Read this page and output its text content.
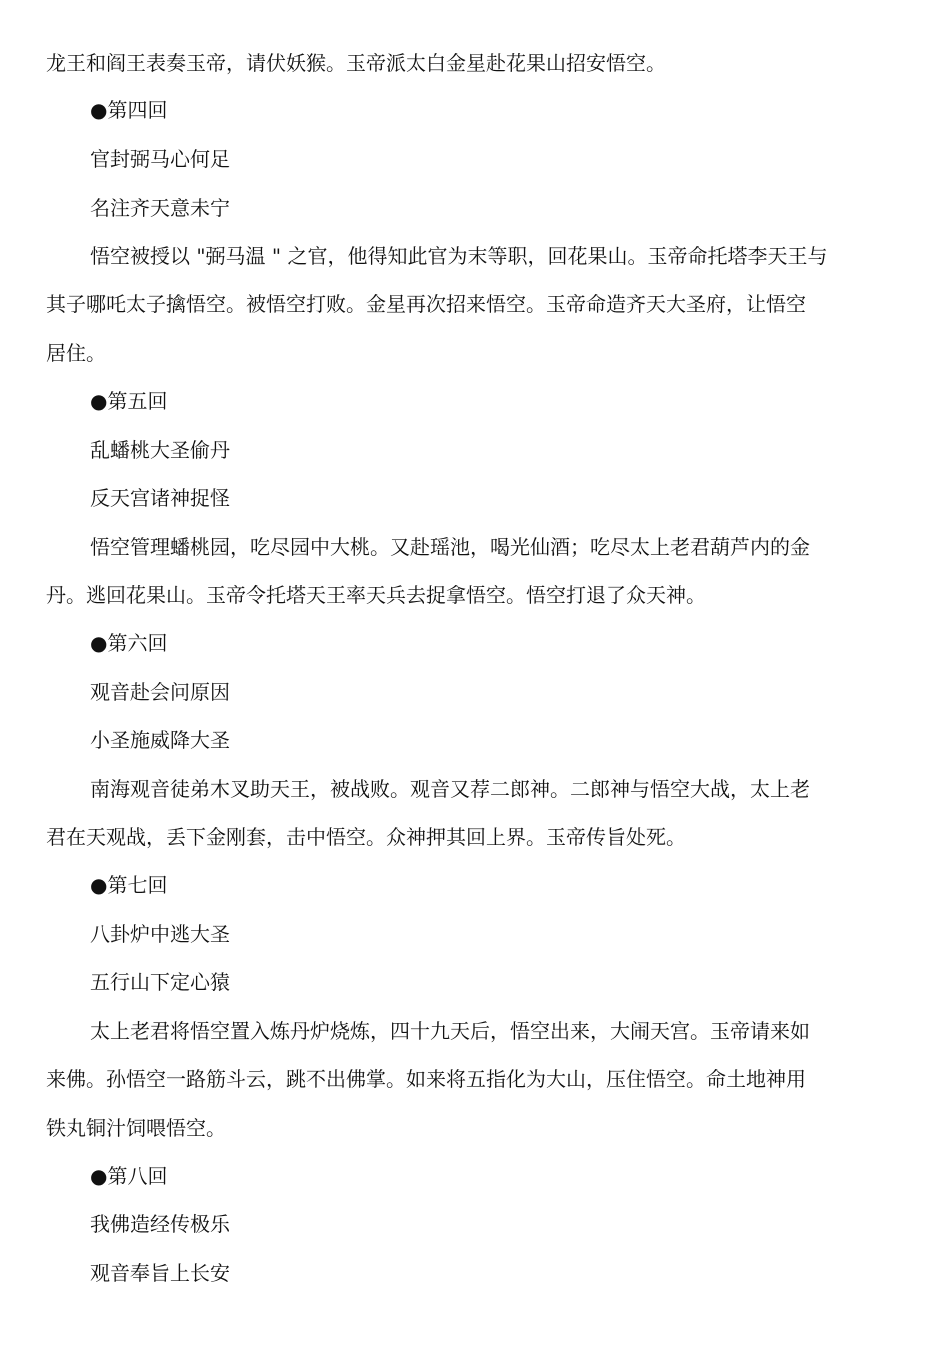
龙王和阎王表奏玉帝，请伏妖猴。玉帝派太白金星赴花果山招安悟空。
●第四回
官封弼马心何足
名注齐天意未宁
悟空被授以 "弼马温 " 之官，他得知此官为末等职，回花果山。玉帝命托塔李天王与
其子哪吒太子擒悟空。被悟空打败。金星再次招来悟空。玉帝命造齐天大圣府，让悟空
居住。
●第五回
乱蟠桃大圣偷丹
反天宫诸神捉怪
悟空管理蟠桃园，吃尽园中大桃。又赴瑶池，喝光仙酒；吃尽太上老君葫芦内的金
丹。逃回花果山。玉帝令托塔天王率天兵去捉拿悟空。悟空打退了众天神。
●第六回
观音赴会问原因
小圣施威降大圣
南海观音徒弟木叉助天王，被战败。观音又荐二郎神。二郎神与悟空大战，太上老
君在天观战，丢下金刚套，击中悟空。众神押其回上界。玉帝传旨处死。
●第七回
八卦炉中逃大圣
五行山下定心猿
太上老君将悟空置入炼丹炉烧炼，四十九天后，悟空出来，大闹天宫。玉帝请来如
来佛。孙悟空一路筋斗云，跳不出佛掌。如来将五指化为大山，压住悟空。命土地神用
铁丸铜汁饲喂悟空。
●第八回
我佛造经传极乐
观音奉旨上长安
